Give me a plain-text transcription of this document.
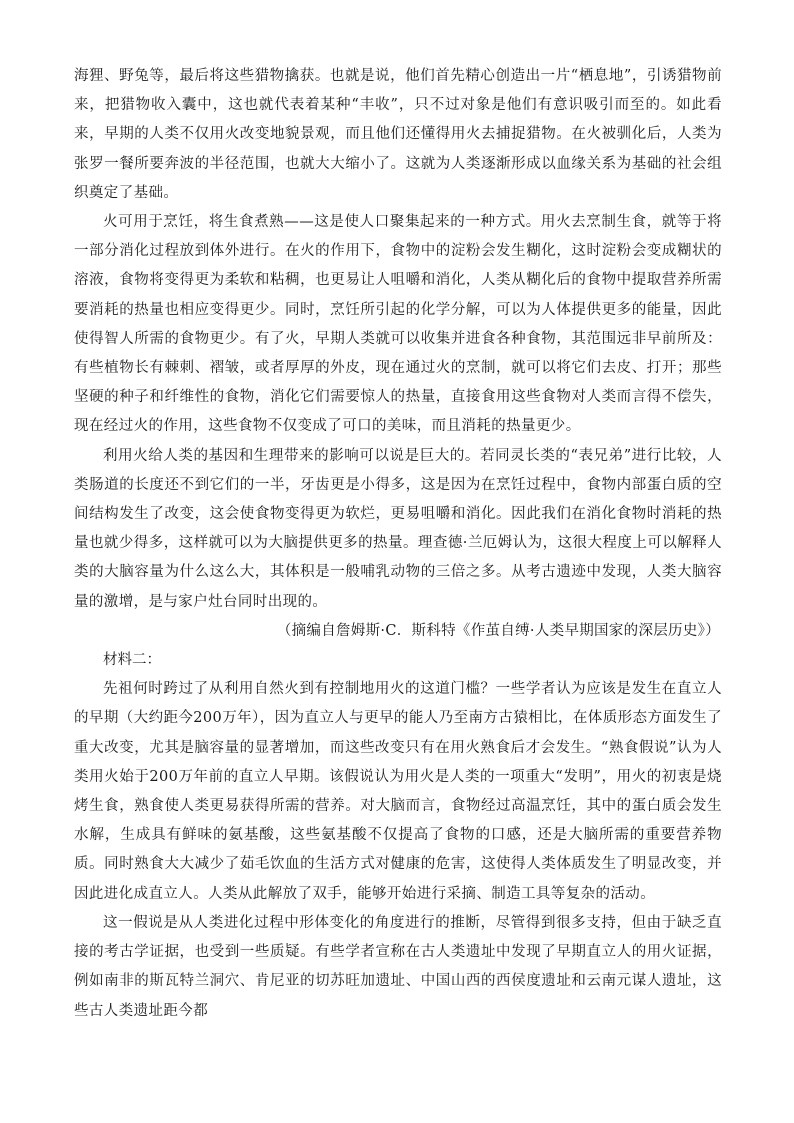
海狸、野兔等，最后将这些猎物擒获。也就是说，他们首先精心创造出一片“栖息地”，引诱猎物前来，把猎物收入囊中，这也就代表着某种“丰收”，只不过对象是他们有意识吸引而至的。如此看来，早期的人类不仅用火改变地貌景观，而且他们还懂得用火去捕捉猎物。在火被驯化后，人类为张罗一餐所要奔波的半径范围，也就大大缩小了。这就为人类逐渐形成以血缘关系为基础的社会组织奠定了基础。

火可用于烹饪，将生食煮熟——这是使人口聚集起来的一种方式。用火去烹制生食，就等于将一部分消化过程放到体外进行。在火的作用下，食物中的淀粉会发生糊化，这时淀粉会变成糊状的溶液，食物将变得更为柔软和粘稠，也更易让人咀嚼和消化，人类从糊化后的食物中提取营养所需要消耗的热量也相应变得更少。同时，烹饪所引起的化学分解，可以为人体提供更多的能量，因此使得智人所需的食物更少。有了火，早期人类就可以收集并进食各种食物，其范围远非早前所及：有些植物长有棘刺、褶皱，或者厚厚的外皮，现在通过火的烹制，就可以将它们去皮、打开；那些坚硬的种子和纤维性的食物，消化它们需要惊人的热量，直接食用这些食物对人类而言得不偿失，现在经过火的作用，这些食物不仅变成了可口的美味，而且消耗的热量更少。

利用火给人类的基因和生理带来的影响可以说是巨大的。若同灵长类的“表兄弟”进行比较，人类肠道的长度还不到它们的一半，牙齿更是小得多，这是因为在烹饪过程中，食物内部蛋白质的空间结构发生了改变，这会使食物变得更为软烂，更易咀嚼和消化。因此我们在消化食物时消耗的热量也就少得多，这样就可以为大脑提供更多的热量。理查德·兰厄姆认为，这很大程度上可以解释人类的大脑容量为什么这么大，其体积是一般哺乳动物的三倍之多。从考古遗迹中发现，人类大脑容量的激增，是与家户灶台同时出现的。

（摘编自詹姆斯·C．斯科特《作茧自缚·人类早期国家的深层历史》）

材料二：

先祖何时跨过了从利用自然火到有控制地用火的这道门槛？一些学者认为应该是发生在直立人的早期（大约距今200万年），因为直立人与更早的能人乃至南方古猿相比，在体质形态方面发生了重大改变，尤其是脑容量的显著增加，而这些改变只有在用火熟食后才会发生。“熟食假说”认为人类用火始于200万年前的直立人早期。该假说认为用火是人类的一项重大“发明”，用火的初衷是烧烤生食，熟食使人类更易获得所需的营养。对大脑而言，食物经过高温烹饪，其中的蛋白质会发生水解，生成具有鲜味的氨基酸，这些氨基酸不仅提高了食物的口感，还是大脑所需的重要营养物质。同时熟食大大减少了茹毛饮血的生活方式对健康的危害，这使得人类体质发生了明显改变，并因此进化成直立人。人类从此解放了双手，能够开始进行采摘、制造工具等复杂的活动。

这一假说是从人类进化过程中形体变化的角度进行的推断，尽管得到很多支持，但由于缺乏直接的考古学证据，也受到一些质疑。有些学者宣称在古人类遗址中发现了早期直立人的用火证据，例如南非的斯瓦特兰洞穴、肯尼亚的切苏旺加遗址、中国山西的西侯度遗址和云南元谋人遗址，这些古人类遗址距今都
